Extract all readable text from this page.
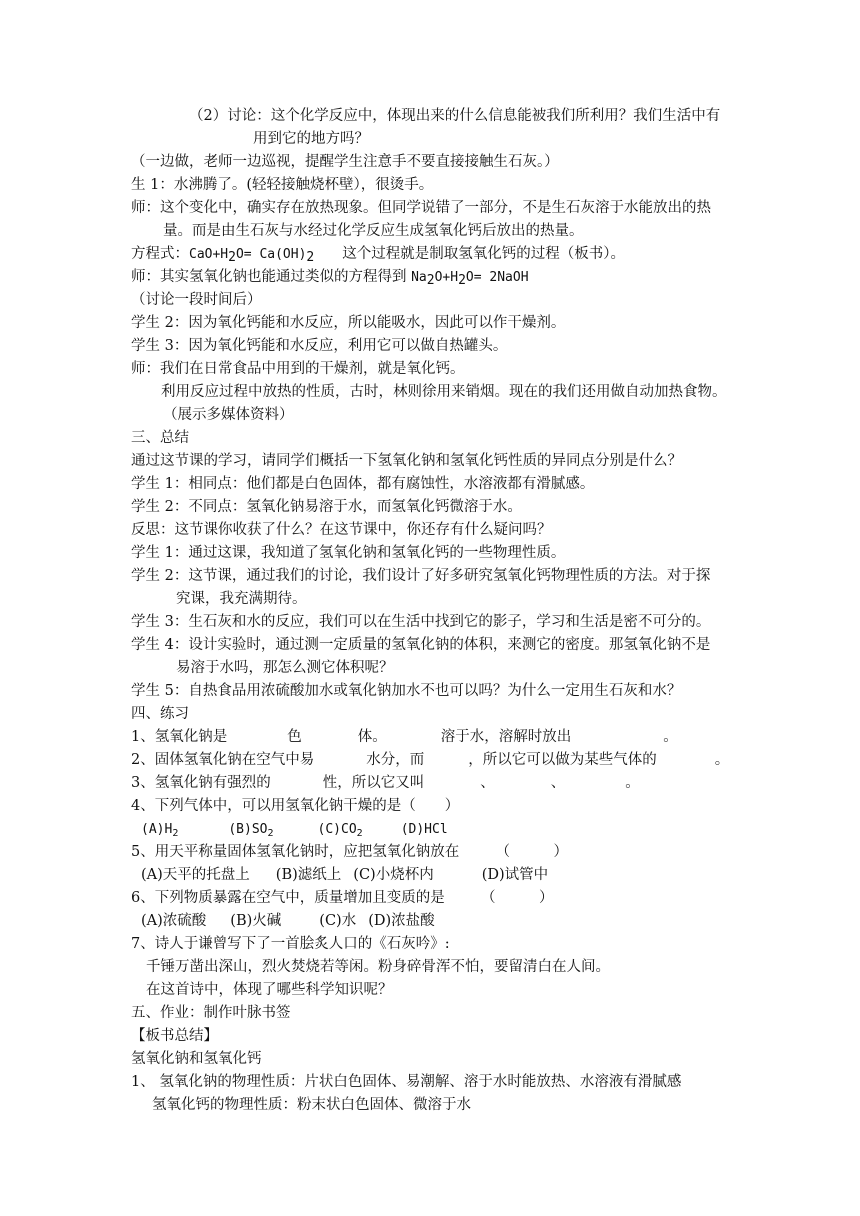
（2）讨论：这个化学反应中，体现出来的什么信息能被我们所利用？我们生活中有
用到它的地方吗？
（一边做，老师一边巡视，提醒学生注意手不要直接接触生石灰。）
生 1：水沸腾了。(轻轻接触烧杯壁），很烫手。
师：这个变化中，确实存在放热现象。但同学说错了一部分，不是生石灰溶于水能放出的热
量。而是由生石灰与水经过化学反应生成氢氧化钙后放出的热量。
方程式：$CaO+H_2O= Ca(OH)_2$ 这个过程就是制取氢氧化钙的过程（板书）。
师：其实氢氧化钠也能通过类似的方程得到 $Na_2O+H_2O=$ 2NaOH
（讨论一段时间后）
学生 2：因为氧化钙能和水反应，所以能吸水，因此可以作干燥剂。
学生 3：因为氧化钙能和水反应，利用它可以做自热罐头。
师：我们在日常食品中用到的干燥剂，就是氧化钙。
利用反应过程中放热的性质，古时，林则徐用来销烟。现在的我们还用做自动加热食物。
（展示多媒体资料）
三、总结
通过这节课的学习，请同学们概括一下氢氧化钠和氢氧化钙性质的异同点分别是什么？
学生 1：相同点：他们都是白色固体，都有腐蚀性，水溶液都有滑腻感。
学生 2：不同点：氢氧化钠易溶于水，而氢氧化钙微溶于水。
反思：这节课你收获了什么？在这节课中，你还存有什么疑问吗？
学生 1：通过这课，我知道了氢氧化钠和氢氧化钙的一些物理性质。
学生 2：这节课，通过我们的讨论，我们设计了好多研究氢氧化钙物理性质的方法。对于探
究课，我充满期待。
学生 3：生石灰和水的反应，我们可以在生活中找到它的影子，学习和生活是密不可分的。
学生 4：设计实验时，通过测一定质量的氢氧化钠的体积，来测它的密度。那氢氧化钠不是
易溶于水吗，那怎么测它体积呢？
学生 5：自热食品用浓硫酸加水或氧化钠加水不也可以吗？为什么一定用生石灰和水？
四、练习
1、氢氧化钠是	色	体。	溶于水，溶解时放出	。
2、固体氢氧化钠在空气中易	水分，而	，所以它可以做为某些气体的	。
3、氢氧化钠有强烈的	性，所以它又叫	、	、	。
4、下列气体中，可以用氢氧化钠干燥的是（　　）
$(A)H_2$	$(B)SO_2$	$(C)CO_2$	(D)HCl
5、用天平称量固体氢氧化钠时，应把氢氧化钠放在　　　（　　　）
(A)天平的托盘上 (B)滤纸上 (C)小烧杯内	(D)试管中
6、下列物质暴露在空气中，质量增加且变质的是　　　（　　　）
(A)浓硫酸 (B)火碱	(C)水 (D)浓盐酸
7、诗人于谦曾写下了一首脍炙人口的《石灰吟》:
千锤万凿出深山，烈火焚烧若等闲。粉身碎骨浑不怕，要留清白在人间。
在这首诗中，体现了哪些科学知识呢？
五、作业：制作叶脉书签
【板书总结】
氢氧化钠和氢氧化钙
1、 氢氧化钠的物理性质：片状白色固体、易潮解、溶于水时能放热、水溶液有滑腻感
氢氧化钙的物理性质：粉末状白色固体、微溶于水
